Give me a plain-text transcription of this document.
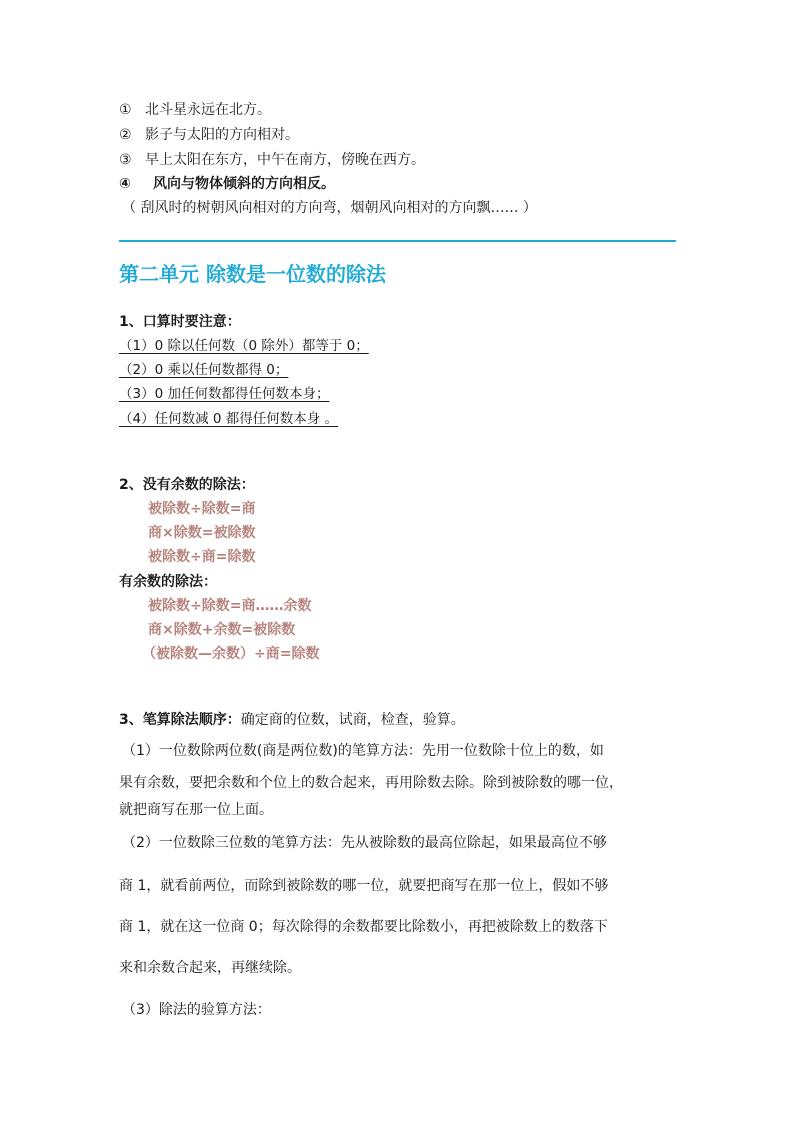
① 北斗星永远在北方。
② 影子与太阳的方向相对。
③ 早上太阳在东方，中午在南方，傍晚在西方。
④ 风向与物体倾斜的方向相反。
（ 刮风时的树朝风向相对的方向弯，烟朝风向相对的方向飘…… ）
第二单元 除数是一位数的除法
1、口算时要注意：
（1）0 除以任何数（0 除外）都等于 0；
（2）0 乘以任何数都得 0；
（3）0 加任何数都得任何数本身；
（4）任何数减 0 都得任何数本身 。
2、没有余数的除法：
被除数÷除数=商
商×除数=被除数
被除数÷商=除数
有余数的除法：
被除数÷除数=商……余数
商×除数+余数=被除数
（被除数—余数）÷商=除数
3、笔算除法顺序：确定商的位数，试商，检查，验算。
（1）一位数除两位数(商是两位数)的笔算方法：先用一位数除十位上的数，如
果有余数，要把余数和个位上的数合起来，再用除数去除。除到被除数的哪一位，
就把商写在那一位上面。
（2）一位数除三位数的笔算方法：先从被除数的最高位除起，如果最高位不够
商 1，就看前两位，而除到被除数的哪一位，就要把商写在那一位上，假如不够
商 1，就在这一位商 0；每次除得的余数都要比除数小，再把被除数上的数落下
来和余数合起来，再继续除。
（3）除法的验算方法：
